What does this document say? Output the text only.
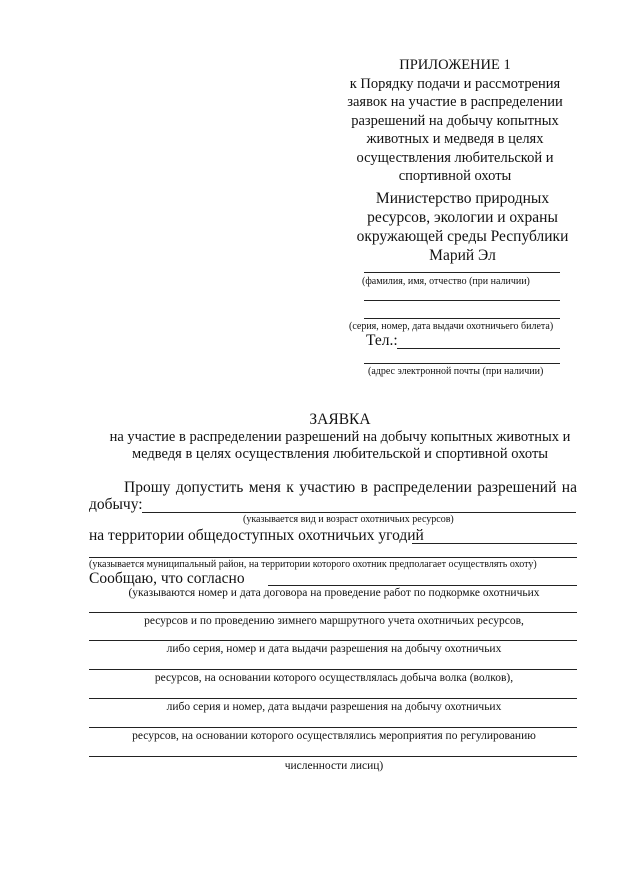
ПРИЛОЖЕНИЕ 1
к Порядку подачи и рассмотрения
заявок на участие в распределении
разрешений на добычу копытных
животных и медведя в целях
осуществления любительской и
спортивной охоты
Министерство природных
ресурсов, экологии и охраны
окружающей среды Республики
Марий Эл
(фамилия, имя, отчество (при наличии)
(серия, номер, дата выдачи охотничьего билета)
Тел.:
(адрес электронной почты (при наличии)
ЗАЯВКА
на участие в распределении разрешений на добычу копытных животных и
медведя в целях осуществления любительской и спортивной охоты
Прошу допустить меня к участию в распределении разрешений на
добычу:
(указывается вид и возраст охотничьих ресурсов)
на территории общедоступных охотничьих угодий
(указывается муниципальный район, на территории которого охотник предполагает осуществлять охоту)
Сообщаю, что согласно
(указываются номер и дата договора на проведение работ по подкормке охотничьих
ресурсов и по проведению зимнего маршрутного учета охотничьих ресурсов,
либо серия, номер и дата выдачи разрешения на добычу охотничьих
ресурсов, на основании которого осуществлялась добыча волка (волков),
либо серия и номер, дата выдачи разрешения на добычу охотничьих
ресурсов, на основании которого осуществлялись мероприятия по регулированию
численности лисиц)
